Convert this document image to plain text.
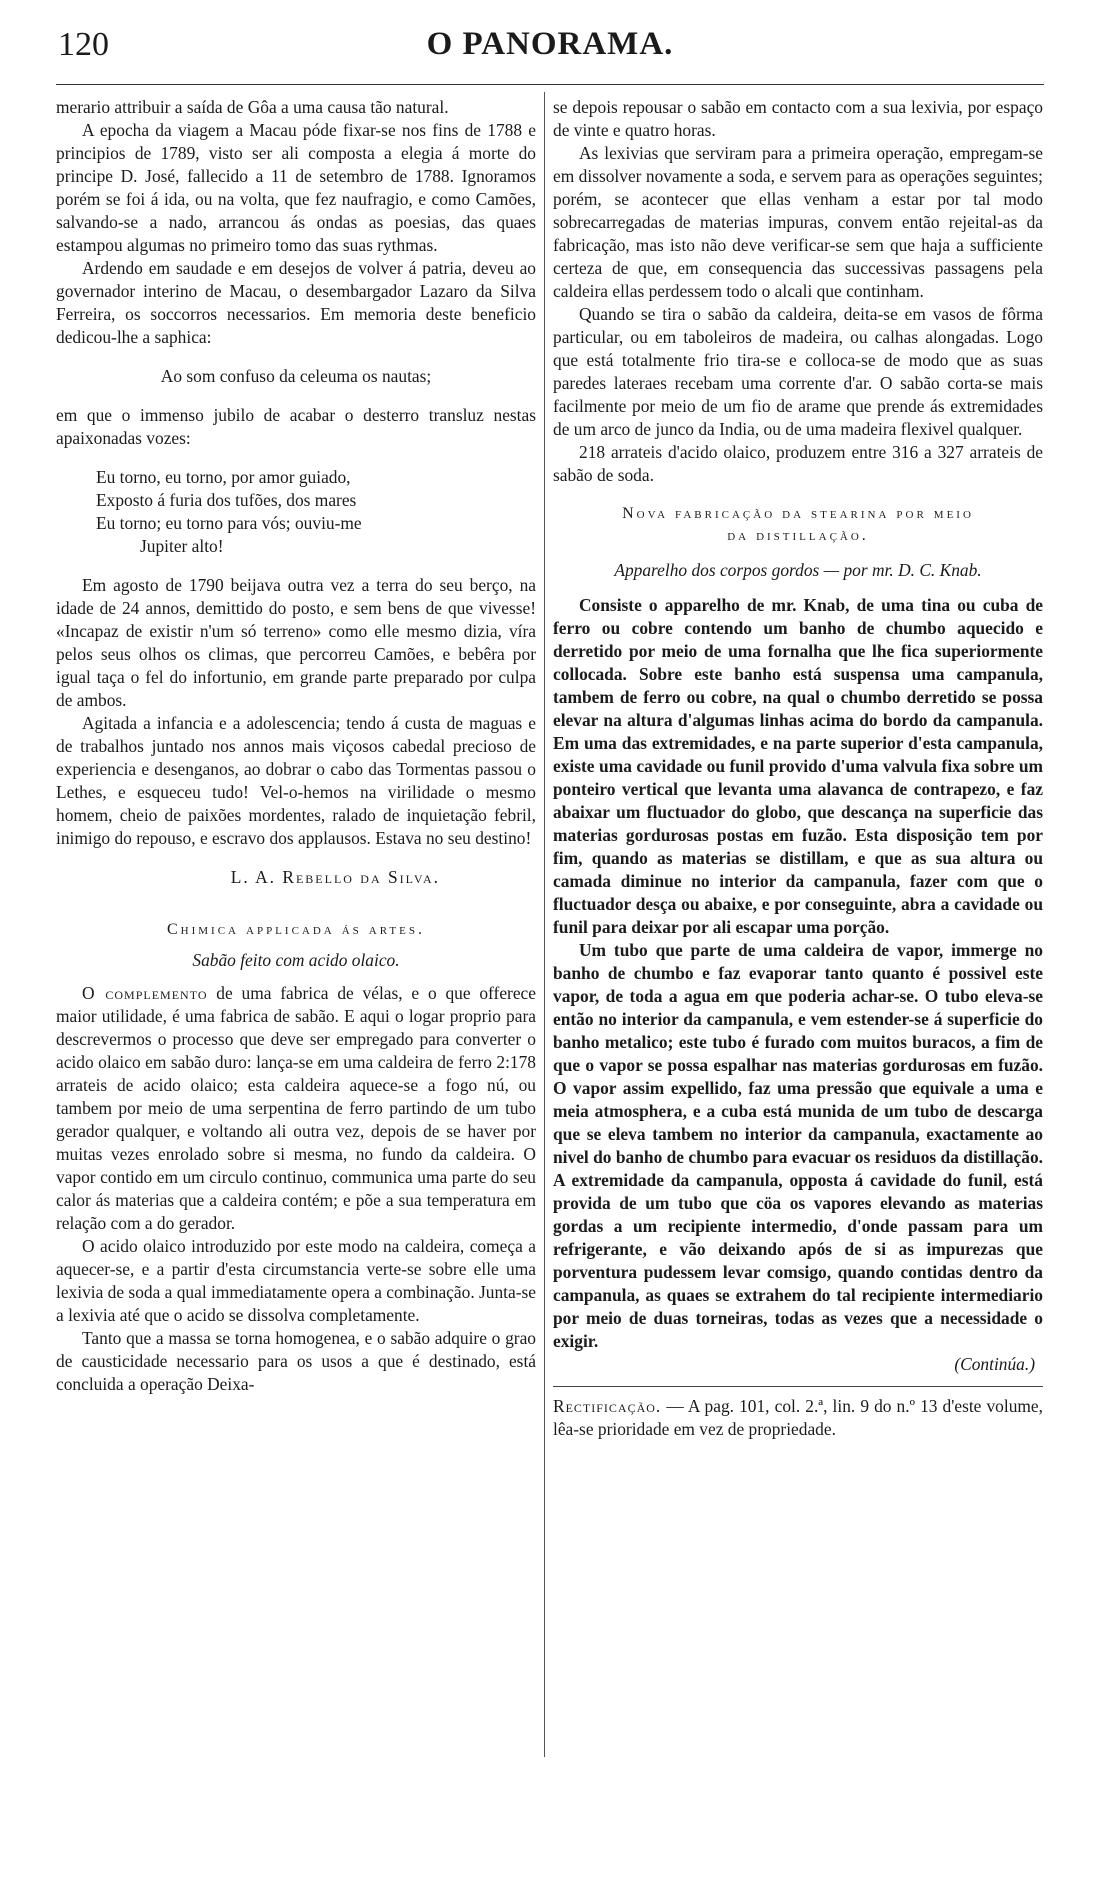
120	O PANORAMA.

merario attribuir a saída de Gôa a uma causa tão natural.

A epocha da viagem a Macau póde fixar-se nos fins de 1788 e principios de 1789, visto ser ali composta a elegia á morte do principe D. José, fallecido a 11 de setembro de 1788. Ignoramos porém se foi á ida, ou na volta, que fez naufragio, e como Camões, salvando-se a nado, arrancou ás ondas as poesias, das quaes estampou algumas no primeiro tomo das suas rythmas.

Ardendo em saudade e em desejos de volver á patria, deveu ao governador interino de Macau, o desembargador Lazaro da Silva Ferreira, os soccorros necessarios. Em memoria deste beneficio dedicou-lhe a saphica:

Ao som confuso da celeuma os nautas;

em que o immenso jubilo de acabar o desterro transluz nestas apaixonadas vozes:

Eu torno, eu torno, por amor guiado,
Exposto á furia dos tufões, dos mares
Eu torno; eu torno para vós; ouviu-me
Jupiter alto!

Em agosto de 1790 beijava outra vez a terra do seu berço, na idade de 24 annos, demittido do posto, e sem bens de que vivesse! «Incapaz de existir n'um só terreno» como elle mesmo dizia, víra pelos seus olhos os climas, que percorreu Camões, e bebêra por igual taça o fel do infortunio, em grande parte preparado por culpa de ambos.

Agitada a infancia e a adolescencia; tendo á custa de maguas e de trabalhos juntado nos annos mais viçosos cabedal precioso de experiencia e desenganos, ao dobrar o cabo das Tormentas passou o Lethes, e esqueceu tudo! Vel-o-hemos na virilidade o mesmo homem, cheio de paixões mordentes, ralado de inquietação febril, inimigo do repouso, e escravo dos applausos. Estava no seu destino!

L. A. Rebello da Silva.
Chimica applicada ás artes.
Sabão feito com acido olaico.

O complemento de uma fabrica de vélas, e o que offerece maior utilidade, é uma fabrica de sabão. E aqui o logar proprio para descrevermos o processo que deve ser empregado para converter o acido olaico em sabão duro: lança-se em uma caldeira de ferro 2:178 arrateis de acido olaico; esta caldeira aquece-se a fogo nú, ou tambem por meio de uma serpentina de ferro partindo de um tubo gerador qualquer, e voltando ali outra vez, depois de se haver por muitas vezes enrolado sobre si mesma, no fundo da caldeira. O vapor contido em um circulo continuo, communica uma parte do seu calor ás materias que a caldeira contém; e põe a sua temperatura em relação com a do gerador.

O acido olaico introduzido por este modo na caldeira, começa a aquecer-se, e a partir d'esta circumstancia verte-se sobre elle uma lexivia de soda a qual immediatamente opera a combinação. Junta-se a lexivia até que o acido se dissolva completamente.

Tanto que a massa se torna homogenea, e o sabão adquire o grao de causticidade necessario para os usos a que é destinado, está concluida a operação Deixa-

se depois repousar o sabão em contacto com a sua lexivia, por espaço de vinte e quatro horas.

As lexivias que serviram para a primeira operação, empregam-se em dissolver novamente a soda, e servem para as operações seguintes; porém, se acontecer que ellas venham a estar por tal modo sobrecarregadas de materias impuras, convem então rejeital-as da fabricação, mas isto não deve verificar-se sem que haja a sufficiente certeza de que, em consequencia das successivas passagens pela caldeira ellas perdessem todo o alcali que continham.

Quando se tira o sabão da caldeira, deita-se em vasos de fôrma particular, ou em taboleiros de madeira, ou calhas alongadas. Logo que está totalmente frio tira-se e colloca-se de modo que as suas paredes lateraes recebam uma corrente d'ar. O sabão corta-se mais facilmente por meio de um fio de arame que prende ás extremidades de um arco de junco da India, ou de uma madeira flexivel qualquer.

218 arrateis d'acido olaico, produzem entre 316 a 327 arrateis de sabão de soda.

Nova fabricação da stearina por meio
da distillação.
Apparelho dos corpos gordos — por mr. D. C. Knab.

Consiste o apparelho de mr. Knab, de uma tina ou cuba de ferro ou cobre contendo um banho de chumbo aquecido e derretido por meio de uma fornalha que lhe fica superiormente collocada. Sobre este banho está suspensa uma campanula, tambem de ferro ou cobre, na qual o chumbo derretido se possa elevar na altura d'algumas linhas acima do bordo da campanula. Em uma das extremidades, e na parte superior d'esta campanula, existe uma cavidade ou funil provido d'uma valvula fixa sobre um ponteiro vertical que levanta uma alavanca de contrapezo, e faz abaixar um fluctuador do globo, que descança na superficie das materias gordurosas postas em fuzão. Esta disposição tem por fim, quando as materias se distillam, e que as sua altura ou camada diminue no interior da campanula, fazer com que o fluctuador desça ou abaixe, e por conseguinte, abra a cavidade ou funil para deixar por ali escapar uma porção.

Um tubo que parte de uma caldeira de vapor, immerge no banho de chumbo e faz evaporar tanto quanto é possivel este vapor, de toda a agua em que poderia achar-se. O tubo eleva-se então no interior da campanula, e vem estender-se á superficie do banho metalico; este tubo é furado com muitos buracos, a fim de que o vapor se possa espalhar nas materias gordurosas em fuzão. O vapor assim expellido, faz uma pressão que equivale a uma e meia atmosphera, e a cuba está munida de um tubo de descarga que se eleva tambem no interior da campanula, exactamente ao nivel do banho de chumbo para evacuar os residuos da distillação. A extremidade da campanula, opposta á cavidade do funil, está provida de um tubo que cöa os vapores elevando as materias gordas a um recipiente intermedio, d'onde passam para um refrigerante, e vão deixando após de si as impurezas que porventura pudessem levar comsigo, quando contidas dentro da campanula, as quaes se extrahem do tal recipiente intermediario por meio de duas torneiras, todas as vezes que a necessidade o exigir.

(Continúa.)

Rectificação. — A pag. 101, col. 2.ª, lin. 9 do n.º 13 d'este volume, lêa-se prioridade em vez de propriedade.
